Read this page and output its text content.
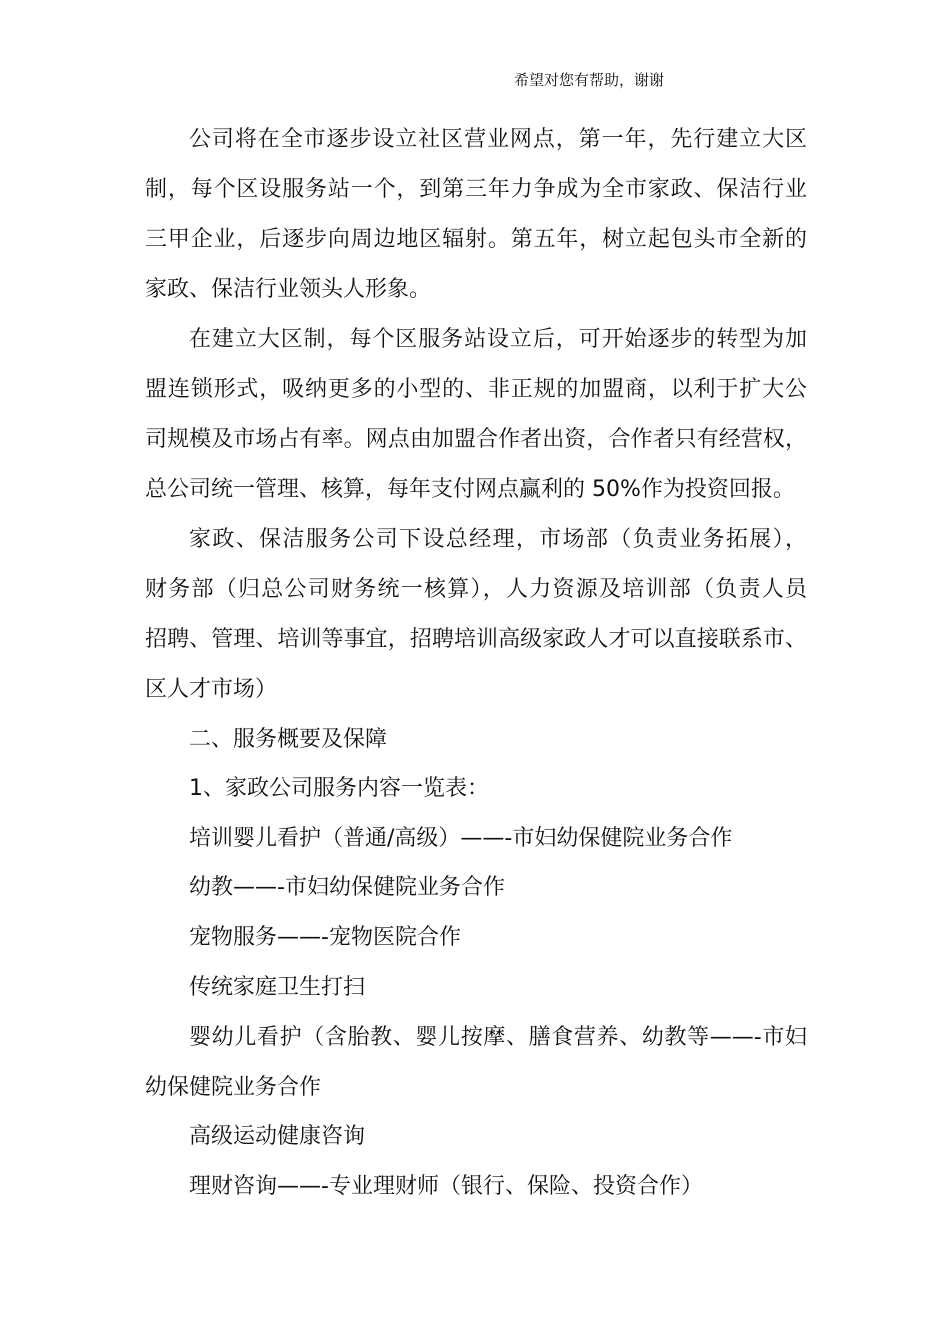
希望对您有帮助，谢谢
公司将在全市逐步设立社区营业网点，第一年，先行建立大区
制，每个区设服务站一个，到第三年力争成为全市家政、保洁行业
三甲企业，后逐步向周边地区辐射。第五年，树立起包头市全新的
家政、保洁行业领头人形象。
在建立大区制，每个区服务站设立后，可开始逐步的转型为加
盟连锁形式，吸纳更多的小型的、非正规的加盟商，以利于扩大公
司规模及市场占有率。网点由加盟合作者出资，合作者只有经营权，
总公司统一管理、核算，每年支付网点赢利的 50%作为投资回报。
家政、保洁服务公司下设总经理，市场部（负责业务拓展），
财务部（归总公司财务统一核算），人力资源及培训部（负责人员
招聘、管理、培训等事宜，招聘培训高级家政人才可以直接联系市、
区人才市场）
二、服务概要及保障
1、家政公司服务内容一览表：
培训婴儿看护（普通/高级）——-市妇幼保健院业务合作
幼教——-市妇幼保健院业务合作
宠物服务——-宠物医院合作
传统家庭卫生打扫
婴幼儿看护（含胎教、婴儿按摩、膳食营养、幼教等——-市妇
幼保健院业务合作
高级运动健康咨询
理财咨询——-专业理财师（银行、保险、投资合作）
